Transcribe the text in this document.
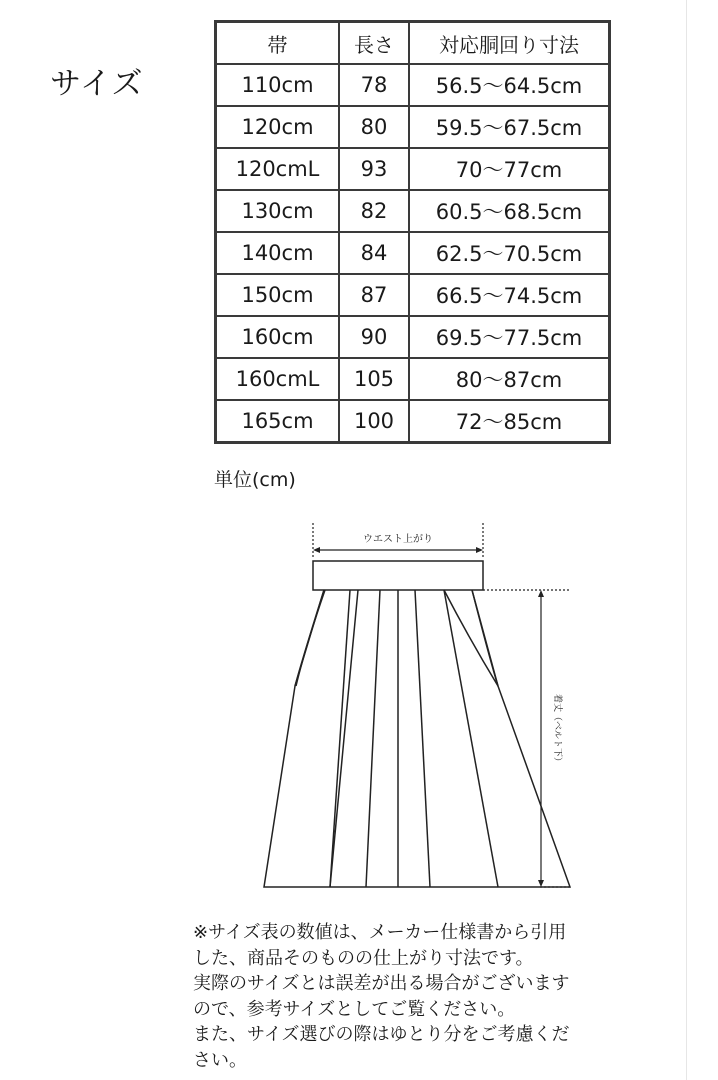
サイズ
帯	長さ	対応胴回り寸法
110cm	78	56.5〜64.5cm
120cm	80	59.5〜67.5cm
120cmL	93	70〜77cm
130cm	82	60.5〜68.5cm
140cm	84	62.5〜70.5cm
150cm	87	66.5〜74.5cm
160cm	90	69.5〜77.5cm
160cmL	105	80〜87cm
165cm	100	72〜85cm
単位(cm)
ウエスト上がり
着丈（ベルト下）
※サイズ表の数値は、メーカー仕様書から引用
した、商品そのものの仕上がり寸法です。
実際のサイズとは誤差が出る場合がございます
ので、参考サイズとしてご覧ください。
また、サイズ選びの際はゆとり分をご考慮くだ
さい。
